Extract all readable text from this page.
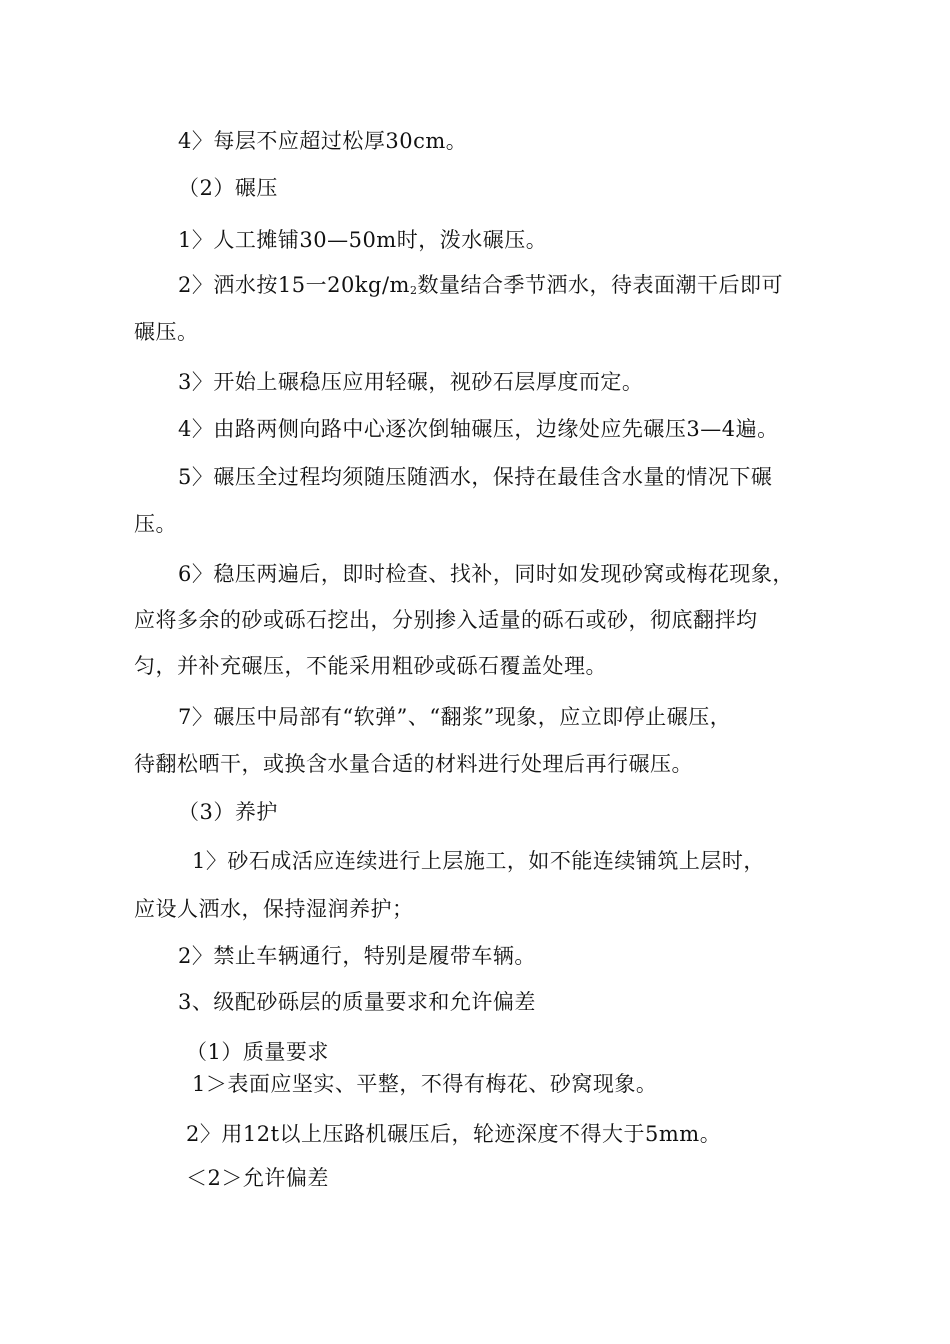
4〉每层不应超过松厚30cm。
（2）碾压
1〉人工摊铺30—50m时，泼水碾压。
2〉洒水按15一20kg/m2数量结合季节洒水，待表面潮干后即可
碾压。
3〉开始上碾稳压应用轻碾，视砂石层厚度而定。
4〉由路两侧向路中心逐次倒轴碾压，边缘处应先碾压3—4遍。
5〉碾压全过程均须随压随洒水，保持在最佳含水量的情况下碾
压。
6〉稳压两遍后，即时检查、找补，同时如发现砂窝或梅花现象，
应将多余的砂或砾石挖出，分别掺入适量的砾石或砂，彻底翻拌均
匀，并补充碾压，不能采用粗砂或砾石覆盖处理。
7〉碾压中局部有“软弹”、“翻浆”现象，应立即停止碾压，
待翻松晒干，或换含水量合适的材料进行处理后再行碾压。
（3）养护
1〉砂石成活应连续进行上层施工，如不能连续铺筑上层时，
应设人洒水，保持湿润养护；
2〉禁止车辆通行，特别是履带车辆。
3、级配砂砾层的质量要求和允许偏差
（1）质量要求
1＞表面应坚实、平整，不得有梅花、砂窝现象。
2〉用12t以上压路机碾压后，轮迹深度不得大于5mm。
＜2＞允许偏差
